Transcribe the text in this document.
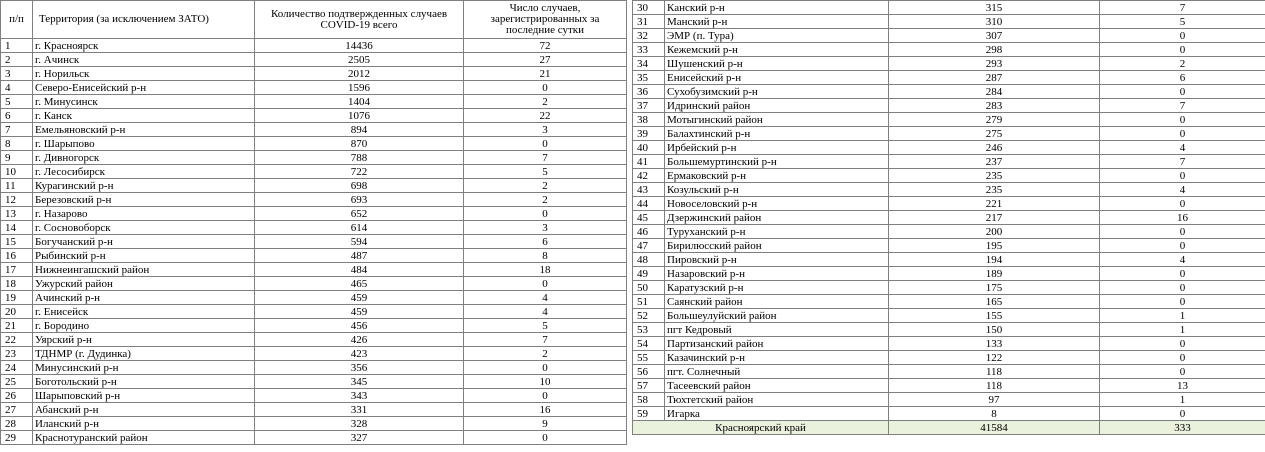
п/п	Территория (за исключением ЗАТО)	Количество подтвержденных случаев COVID-19 всего	Число случаев, зарегистрированных за последние сутки
1	г. Красноярск	14436	72
2	г. Ачинск	2505	27
3	г. Норильск	2012	21
4	Северо-Енисейский р-н	1596	0
5	г. Минусинск	1404	2
6	г. Канск	1076	22
7	Емельяновский р-н	894	3
8	г. Шарыпово	870	0
9	г. Дивногорск	788	7
10	г. Лесосибирск	722	5
11	Курагинский р-н	698	2
12	Березовский р-н	693	2
13	г. Назарово	652	0
14	г. Сосновоборск	614	3
15	Богучанский р-н	594	6
16	Рыбинский р-н	487	8
17	Нижнеингашский район	484	18
18	Ужурский район	465	0
19	Ачинский р-н	459	4
20	г. Енисейск	459	4
21	г. Бородино	456	5
22	Уярский р-н	426	7
23	ТДНМР (г. Дудинка)	423	2
24	Минусинский р-н	356	0
25	Боготольский р-н	345	10
26	Шарыповский р-н	343	0
27	Абанский р-н	331	16
28	Иланский р-н	328	9
29	Краснотуранский район	327	0
30	Канский р-н	315	7
31	Манский р-н	310	5
32	ЭМР (п. Тура)	307	0
33	Кежемский р-н	298	0
34	Шушенский р-н	293	2
35	Енисейский р-н	287	6
36	Сухобузимский р-н	284	0
37	Идринский район	283	7
38	Мотыгинский район	279	0
39	Балахтинский р-н	275	0
40	Ирбейский р-н	246	4
41	Большемуртинский р-н	237	7
42	Ермаковский р-н	235	0
43	Козульский р-н	235	4
44	Новоселовский р-н	221	0
45	Дзержинский район	217	16
46	Туруханский р-н	200	0
47	Бирилюсский район	195	0
48	Пировский р-н	194	4
49	Назаровский р-н	189	0
50	Каратузский р-н	175	0
51	Саянский район	165	0
52	Большеулуйский район	155	1
53	пгт Кедровый	150	1
54	Партизанский район	133	0
55	Казачинский р-н	122	0
56	пгт. Солнечный	118	0
57	Тасеевский район	118	13
58	Тюхтетский район	97	1
59	Игарка	8	0
Красноярский край		41584	333
